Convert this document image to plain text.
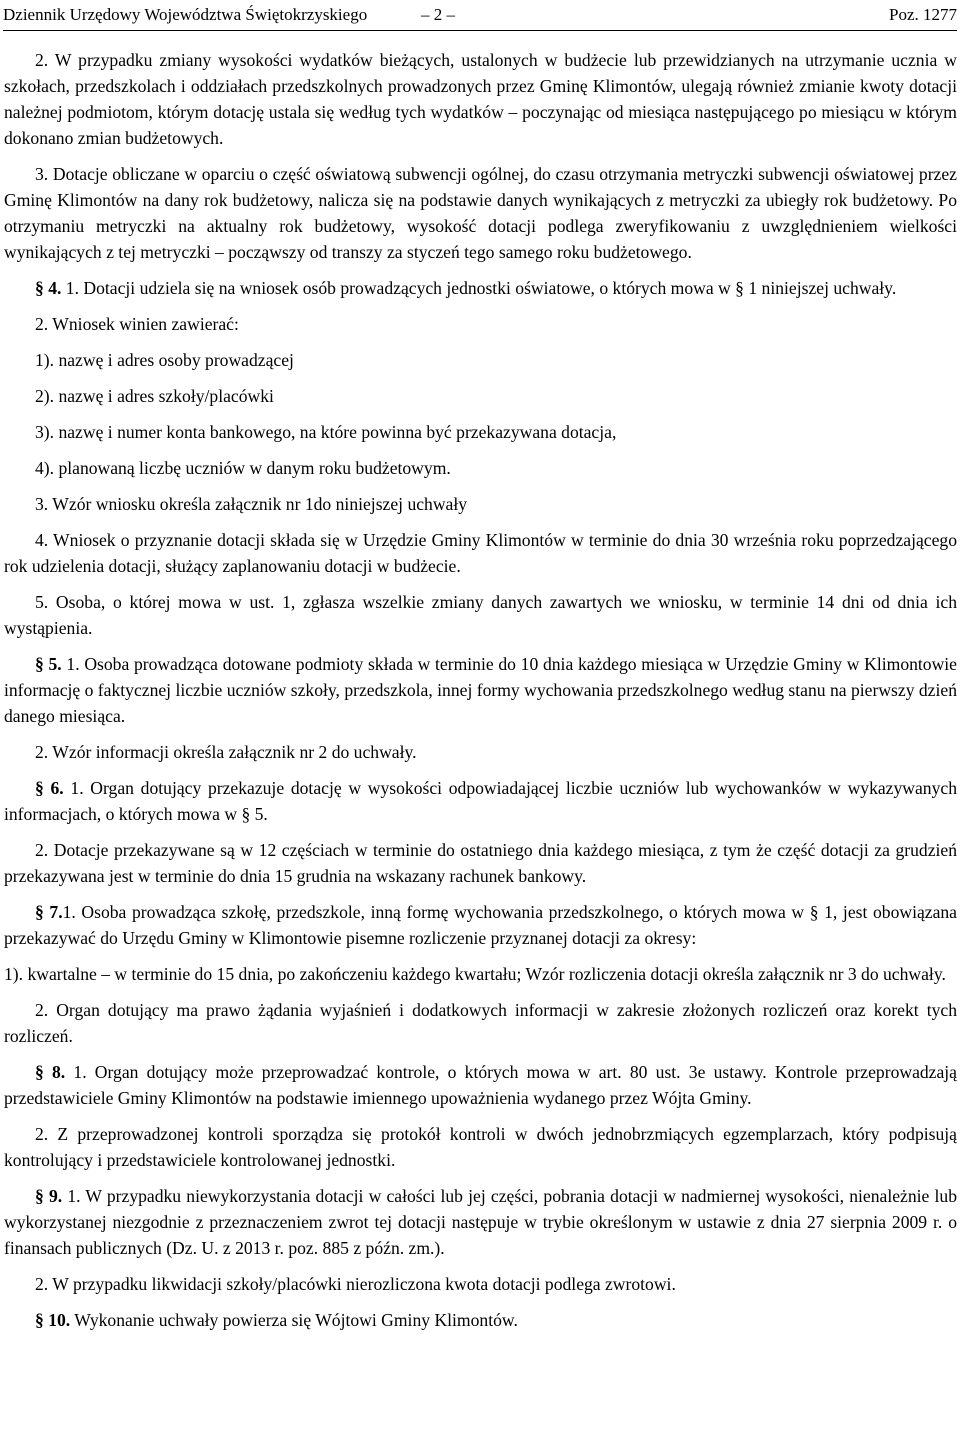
Dziennik Urzędowy Województwa Świętokrzyskiego	– 2 –	Poz. 1277

2. W przypadku zmiany wysokości wydatków bieżących, ustalonych w budżecie lub przewidzianych na utrzymanie ucznia w szkołach, przedszkolach i oddziałach przedszkolnych prowadzonych przez Gminę Klimontów, ulegają również zmianie kwoty dotacji należnej podmiotom, którym dotację ustala się według tych wydatków – poczynając od miesiąca następującego po miesiącu w którym dokonano zmian budżetowych.

3. Dotacje obliczane w oparciu o część oświatową subwencji ogólnej, do czasu otrzymania metryczki subwencji oświatowej przez Gminę Klimontów na dany rok budżetowy, nalicza się na podstawie danych wynikających z metryczki za ubiegły rok budżetowy. Po otrzymaniu metryczki na aktualny rok budżetowy, wysokość dotacji podlega zweryfikowaniu z uwzględnieniem wielkości wynikających z tej metryczki – począwszy od transzy za styczeń tego samego roku budżetowego.

§ 4. 1. Dotacji udziela się na wniosek osób prowadzących jednostki oświatowe, o których mowa w § 1 niniejszej uchwały.

2. Wniosek winien zawierać:

1). nazwę i adres osoby prowadzącej

2). nazwę i adres szkoły/placówki

3). nazwę i numer konta bankowego, na które powinna być przekazywana dotacja,

4). planowaną liczbę uczniów w danym roku budżetowym.

3. Wzór wniosku określa załącznik nr 1do niniejszej uchwały

4. Wniosek o przyznanie dotacji składa się w Urzędzie Gminy Klimontów w terminie do dnia 30 września roku poprzedzającego rok udzielenia dotacji, służący zaplanowaniu dotacji w budżecie.

5. Osoba, o której mowa w ust. 1, zgłasza wszelkie zmiany danych zawartych we wniosku, w terminie 14 dni od dnia ich wystąpienia.

§ 5. 1. Osoba prowadząca dotowane podmioty składa w terminie do 10 dnia każdego miesiąca w Urzędzie Gminy w Klimontowie informację o faktycznej liczbie uczniów szkoły, przedszkola, innej formy wychowania przedszkolnego według stanu na pierwszy dzień danego miesiąca.

2. Wzór informacji określa załącznik nr 2 do uchwały.

§ 6. 1. Organ dotujący przekazuje dotację w wysokości odpowiadającej liczbie uczniów lub wychowanków w wykazywanych informacjach, o których mowa w § 5.

2. Dotacje przekazywane są w 12 częściach w terminie do ostatniego dnia każdego miesiąca, z tym że część dotacji za grudzień przekazywana jest w terminie do dnia 15 grudnia na wskazany rachunek bankowy.

§ 7.1. Osoba prowadząca szkołę, przedszkole, inną formę wychowania przedszkolnego, o których mowa w § 1, jest obowiązana przekazywać do Urzędu Gminy w Klimontowie pisemne rozliczenie przyznanej dotacji za okresy:

1). kwartalne – w terminie do 15 dnia, po zakończeniu każdego kwartału; Wzór rozliczenia dotacji określa załącznik nr 3 do uchwały.

2. Organ dotujący ma prawo żądania wyjaśnień i dodatkowych informacji w zakresie złożonych rozliczeń oraz korekt tych rozliczeń.

§ 8. 1. Organ dotujący może przeprowadzać kontrole, o których mowa w art. 80 ust. 3e ustawy. Kontrole przeprowadzają przedstawiciele Gminy Klimontów na podstawie imiennego upoważnienia wydanego przez Wójta Gminy.

2. Z przeprowadzonej kontroli sporządza się protokół kontroli w dwóch jednobrzmiących egzemplarzach, który podpisują kontrolujący i przedstawiciele kontrolowanej jednostki.

§ 9. 1. W przypadku niewykorzystania dotacji w całości lub jej części, pobrania dotacji w nadmiernej wysokości, nienależnie lub wykorzystanej niezgodnie z przeznaczeniem zwrot tej dotacji następuje w trybie określonym w ustawie z dnia 27 sierpnia 2009 r. o finansach publicznych (Dz. U. z 2013 r. poz. 885 z późn. zm.).

2. W przypadku likwidacji szkoły/placówki nierozliczona kwota dotacji podlega zwrotowi.

§ 10. Wykonanie uchwały powierza się Wójtowi Gminy Klimontów.
